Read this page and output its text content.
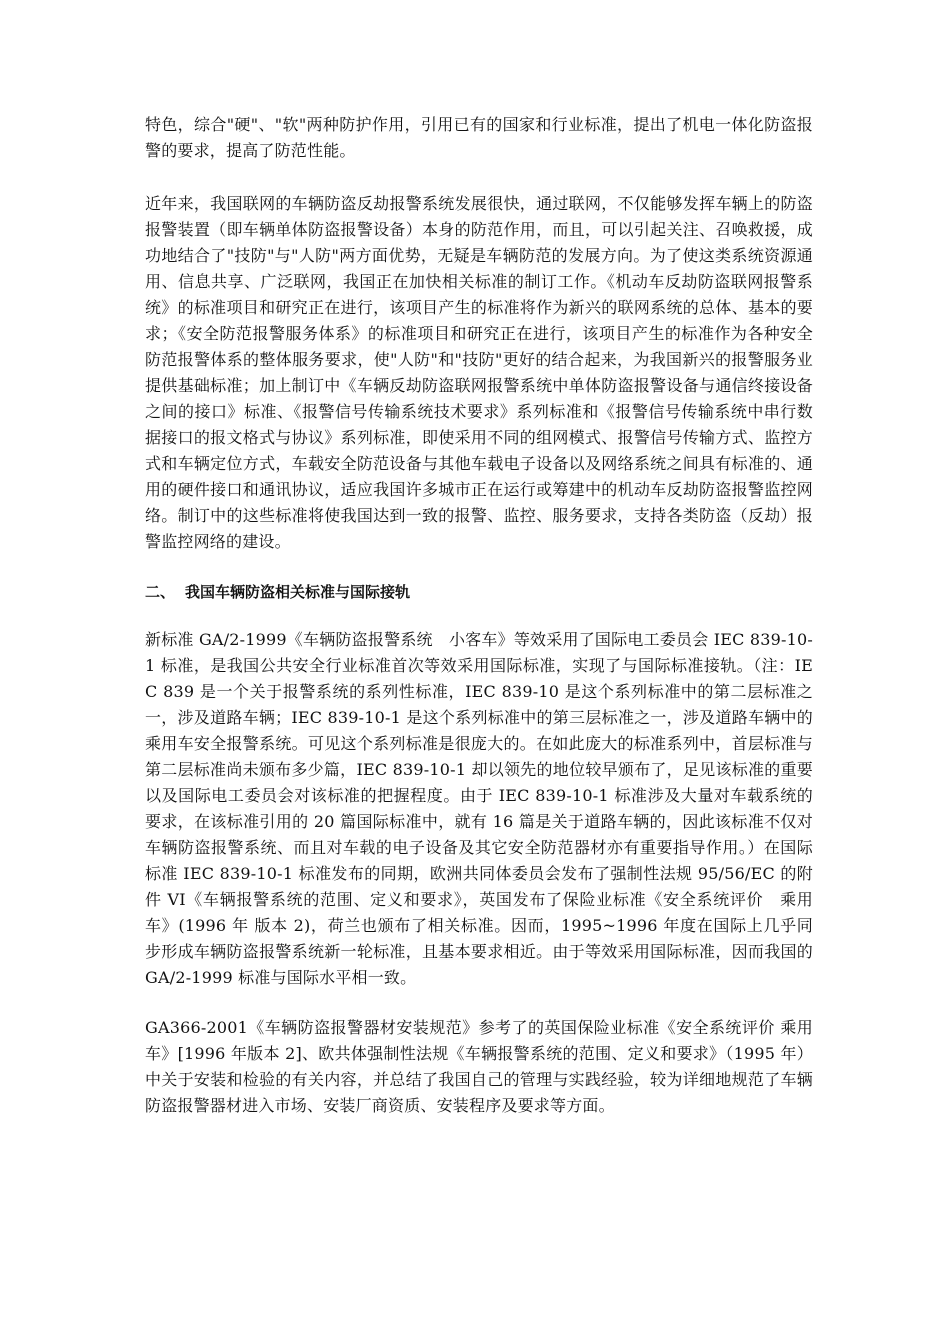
特色，综合"硬"、"软"两种防护作用，引用已有的国家和行业标准，提出了机电一体化防盗报警的要求，提高了防范性能。

近年来，我国联网的车辆防盗反劫报警系统发展很快，通过联网，不仅能够发挥车辆上的防盗报警装置（即车辆单体防盗报警设备）本身的防范作用，而且，可以引起关注、召唤救援，成功地结合了"技防"与"人防"两方面优势，无疑是车辆防范的发展方向。为了使这类系统资源通用、信息共享、广泛联网，我国正在加快相关标准的制订工作。《机动车反劫防盗联网报警系统》的标准项目和研究正在进行，该项目产生的标准将作为新兴的联网系统的总体、基本的要求；《安全防范报警服务体系》的标准项目和研究正在进行，该项目产生的标准作为各种安全防范报警体系的整体服务要求，使"人防"和"技防"更好的结合起来，为我国新兴的报警服务业提供基础标准；加上制订中《车辆反劫防盗联网报警系统中单体防盗报警设备与通信终接设备之间的接口》标准、《报警信号传输系统技术要求》系列标准和《报警信号传输系统中串行数据接口的报文格式与协议》系列标准，即使采用不同的组网模式、报警信号传输方式、监控方式和车辆定位方式，车载安全防范设备与其他车载电子设备以及网络系统之间具有标准的、通用的硬件接口和通讯协议，适应我国许多城市正在运行或筹建中的机动车反劫防盗报警监控网络。制订中的这些标准将使我国达到一致的报警、监控、服务要求，支持各类防盗（反劫）报警监控网络的建设。

二、 我国车辆防盗相关标准与国际接轨

新标准 GA/2-1999《车辆防盗报警系统　小客车》等效采用了国际电工委员会 IEC 839-10-1 标准，是我国公共安全行业标准首次等效采用国际标准，实现了与国际标准接轨。（注：IEC 839 是一个关于报警系统的系列性标准，IEC 839-10 是这个系列标准中的第二层标准之一，涉及道路车辆；IEC 839-10-1 是这个系列标准中的第三层标准之一，涉及道路车辆中的乘用车安全报警系统。可见这个系列标准是很庞大的。在如此庞大的标准系列中，首层标准与第二层标准尚未颁布多少篇，IEC 839-10-1 却以领先的地位较早颁布了，足见该标准的重要以及国际电工委员会对该标准的把握程度。由于 IEC 839-10-1 标准涉及大量对车载系统的要求，在该标准引用的 20 篇国际标准中，就有 16 篇是关于道路车辆的，因此该标准不仅对车辆防盗报警系统、而且对车载的电子设备及其它安全防范器材亦有重要指导作用。）在国际标准 IEC 839-10-1 标准发布的同期，欧洲共同体委员会发布了强制性法规 95/56/EC 的附件 VI《车辆报警系统的范围、定义和要求》，英国发布了保险业标准《安全系统评价　乘用车》(1996 年 版本 2)，荷兰也颁布了相关标准。因而，1995~1996 年度在国际上几乎同步形成车辆防盗报警系统新一轮标准，且基本要求相近。由于等效采用国际标准，因而我国的 GA/2-1999 标准与国际水平相一致。

GA366-2001《车辆防盗报警器材安装规范》参考了的英国保险业标准《安全系统评价 乘用车》[1996 年版本 2]、欧共体强制性法规《车辆报警系统的范围、定义和要求》（1995 年）中关于安装和检验的有关内容，并总结了我国自己的管理与实践经验，较为详细地规范了车辆防盗报警器材进入市场、安装厂商资质、安装程序及要求等方面。
